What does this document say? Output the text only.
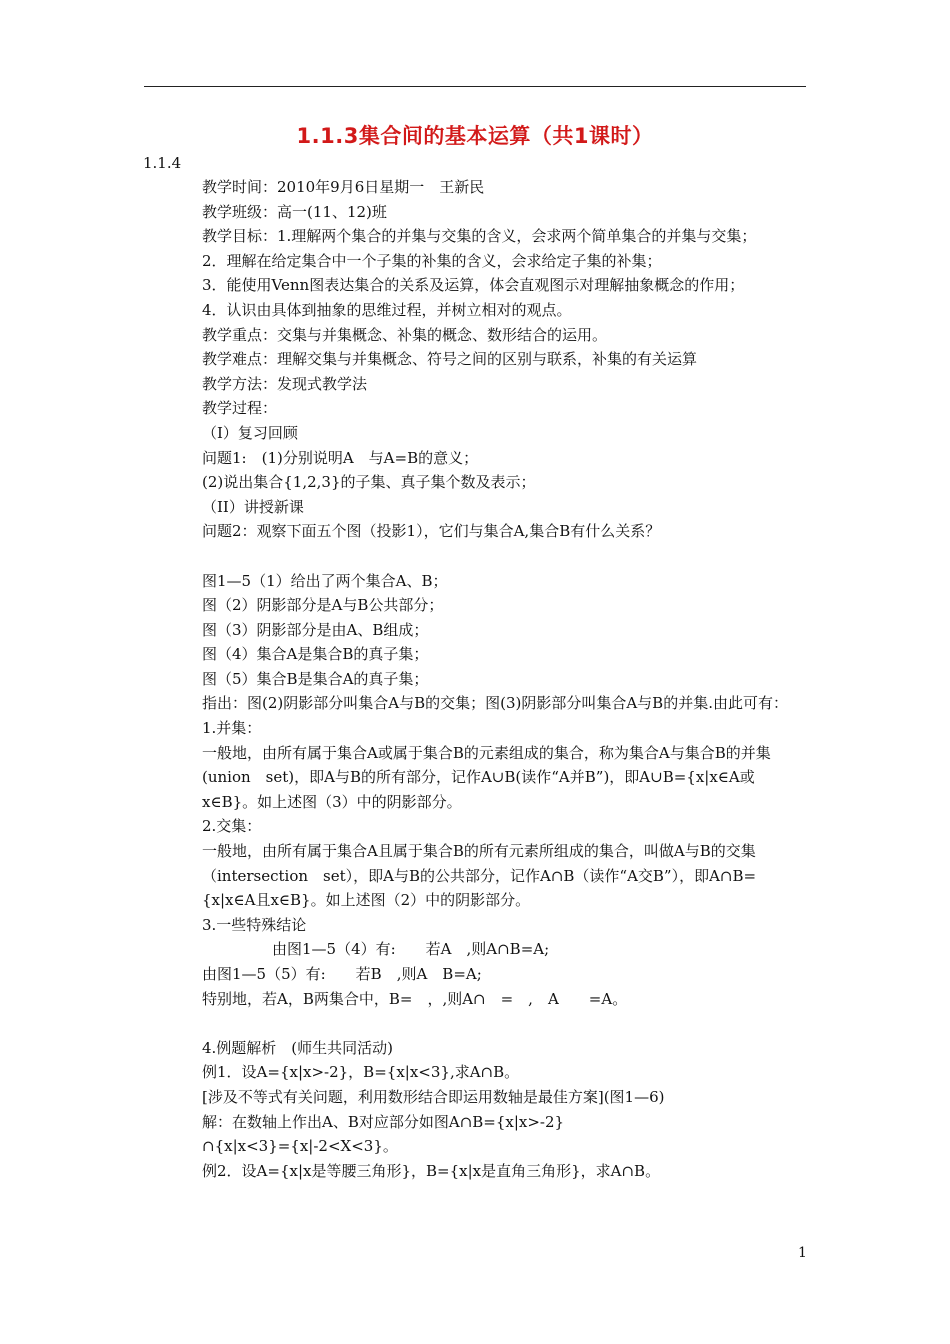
1.1.3集合间的基本运算（共1课时）
1.1.4
教学时间：2010年9月6日星期一　王新民
教学班级：高一(11、12)班
教学目标：1.理解两个集合的并集与交集的含义，会求两个简单集合的并集与交集；
2．理解在给定集合中一个子集的补集的含义，会求给定子集的补集；
3．能使用Venn图表达集合的关系及运算，体会直观图示对理解抽象概念的作用；
4．认识由具体到抽象的思维过程，并树立相对的观点。
教学重点：交集与并集概念、补集的概念、数形结合的运用。
教学难点：理解交集与并集概念、符号之间的区别与联系，补集的有关运算
教学方法：发现式教学法
教学过程：
（I）复习回顾
问题1:　(1)分别说明A　与A=B的意义；
(2)说出集合{1,2,3}的子集、真子集个数及表示；
（II）讲授新课
问题2：观察下面五个图（投影1），它们与集合A,集合B有什么关系？
图1—5（1）给出了两个集合A、B；
图（2）阴影部分是A与B公共部分；
图（3）阴影部分是由A、B组成；
图（4）集合A是集合B的真子集；
图（5）集合B是集合A的真子集；
指出：图(2)阴影部分叫集合A与B的交集；图(3)阴影部分叫集合A与B的并集.由此可有：
1.并集：
一般地，由所有属于集合A或属于集合B的元素组成的集合，称为集合A与集合B的并集(union　set)，即A与B的所有部分，记作A∪B(读作“A并B”)，即A∪B={x|x∈A或x∈B}。如上述图（3）中的阴影部分。
2.交集：
一般地，由所有属于集合A且属于集合B的所有元素所组成的集合，叫做A与B的交集（intersection　set），即A与B的公共部分，记作A∩B（读作“A交B”），即A∩B={x|x∈A且x∈B}。如上述图（2）中的阴影部分。
3.一些特殊结论
由图1—5（4）有:　　若A　,则A∩B=A;
由图1—5（5）有:　　若B　,则A　B=A;
特别地，若A，B两集合中，B=　，,则A∩　=　,　A　　=A。
4.例题解析　(师生共同活动)
例1．设A={x|x>-2}，B={x|x<3},求A∩B。
[涉及不等式有关问题，利用数形结合即运用数轴是最佳方案](图1—6)
解：在数轴上作出A、B对应部分如图A∩B={x|x>-2}
∩{x|x<3}={x|-2<X<3}。
例2．设A={x|x是等腰三角形}，B={x|x是直角三角形}，求A∩B。
1
